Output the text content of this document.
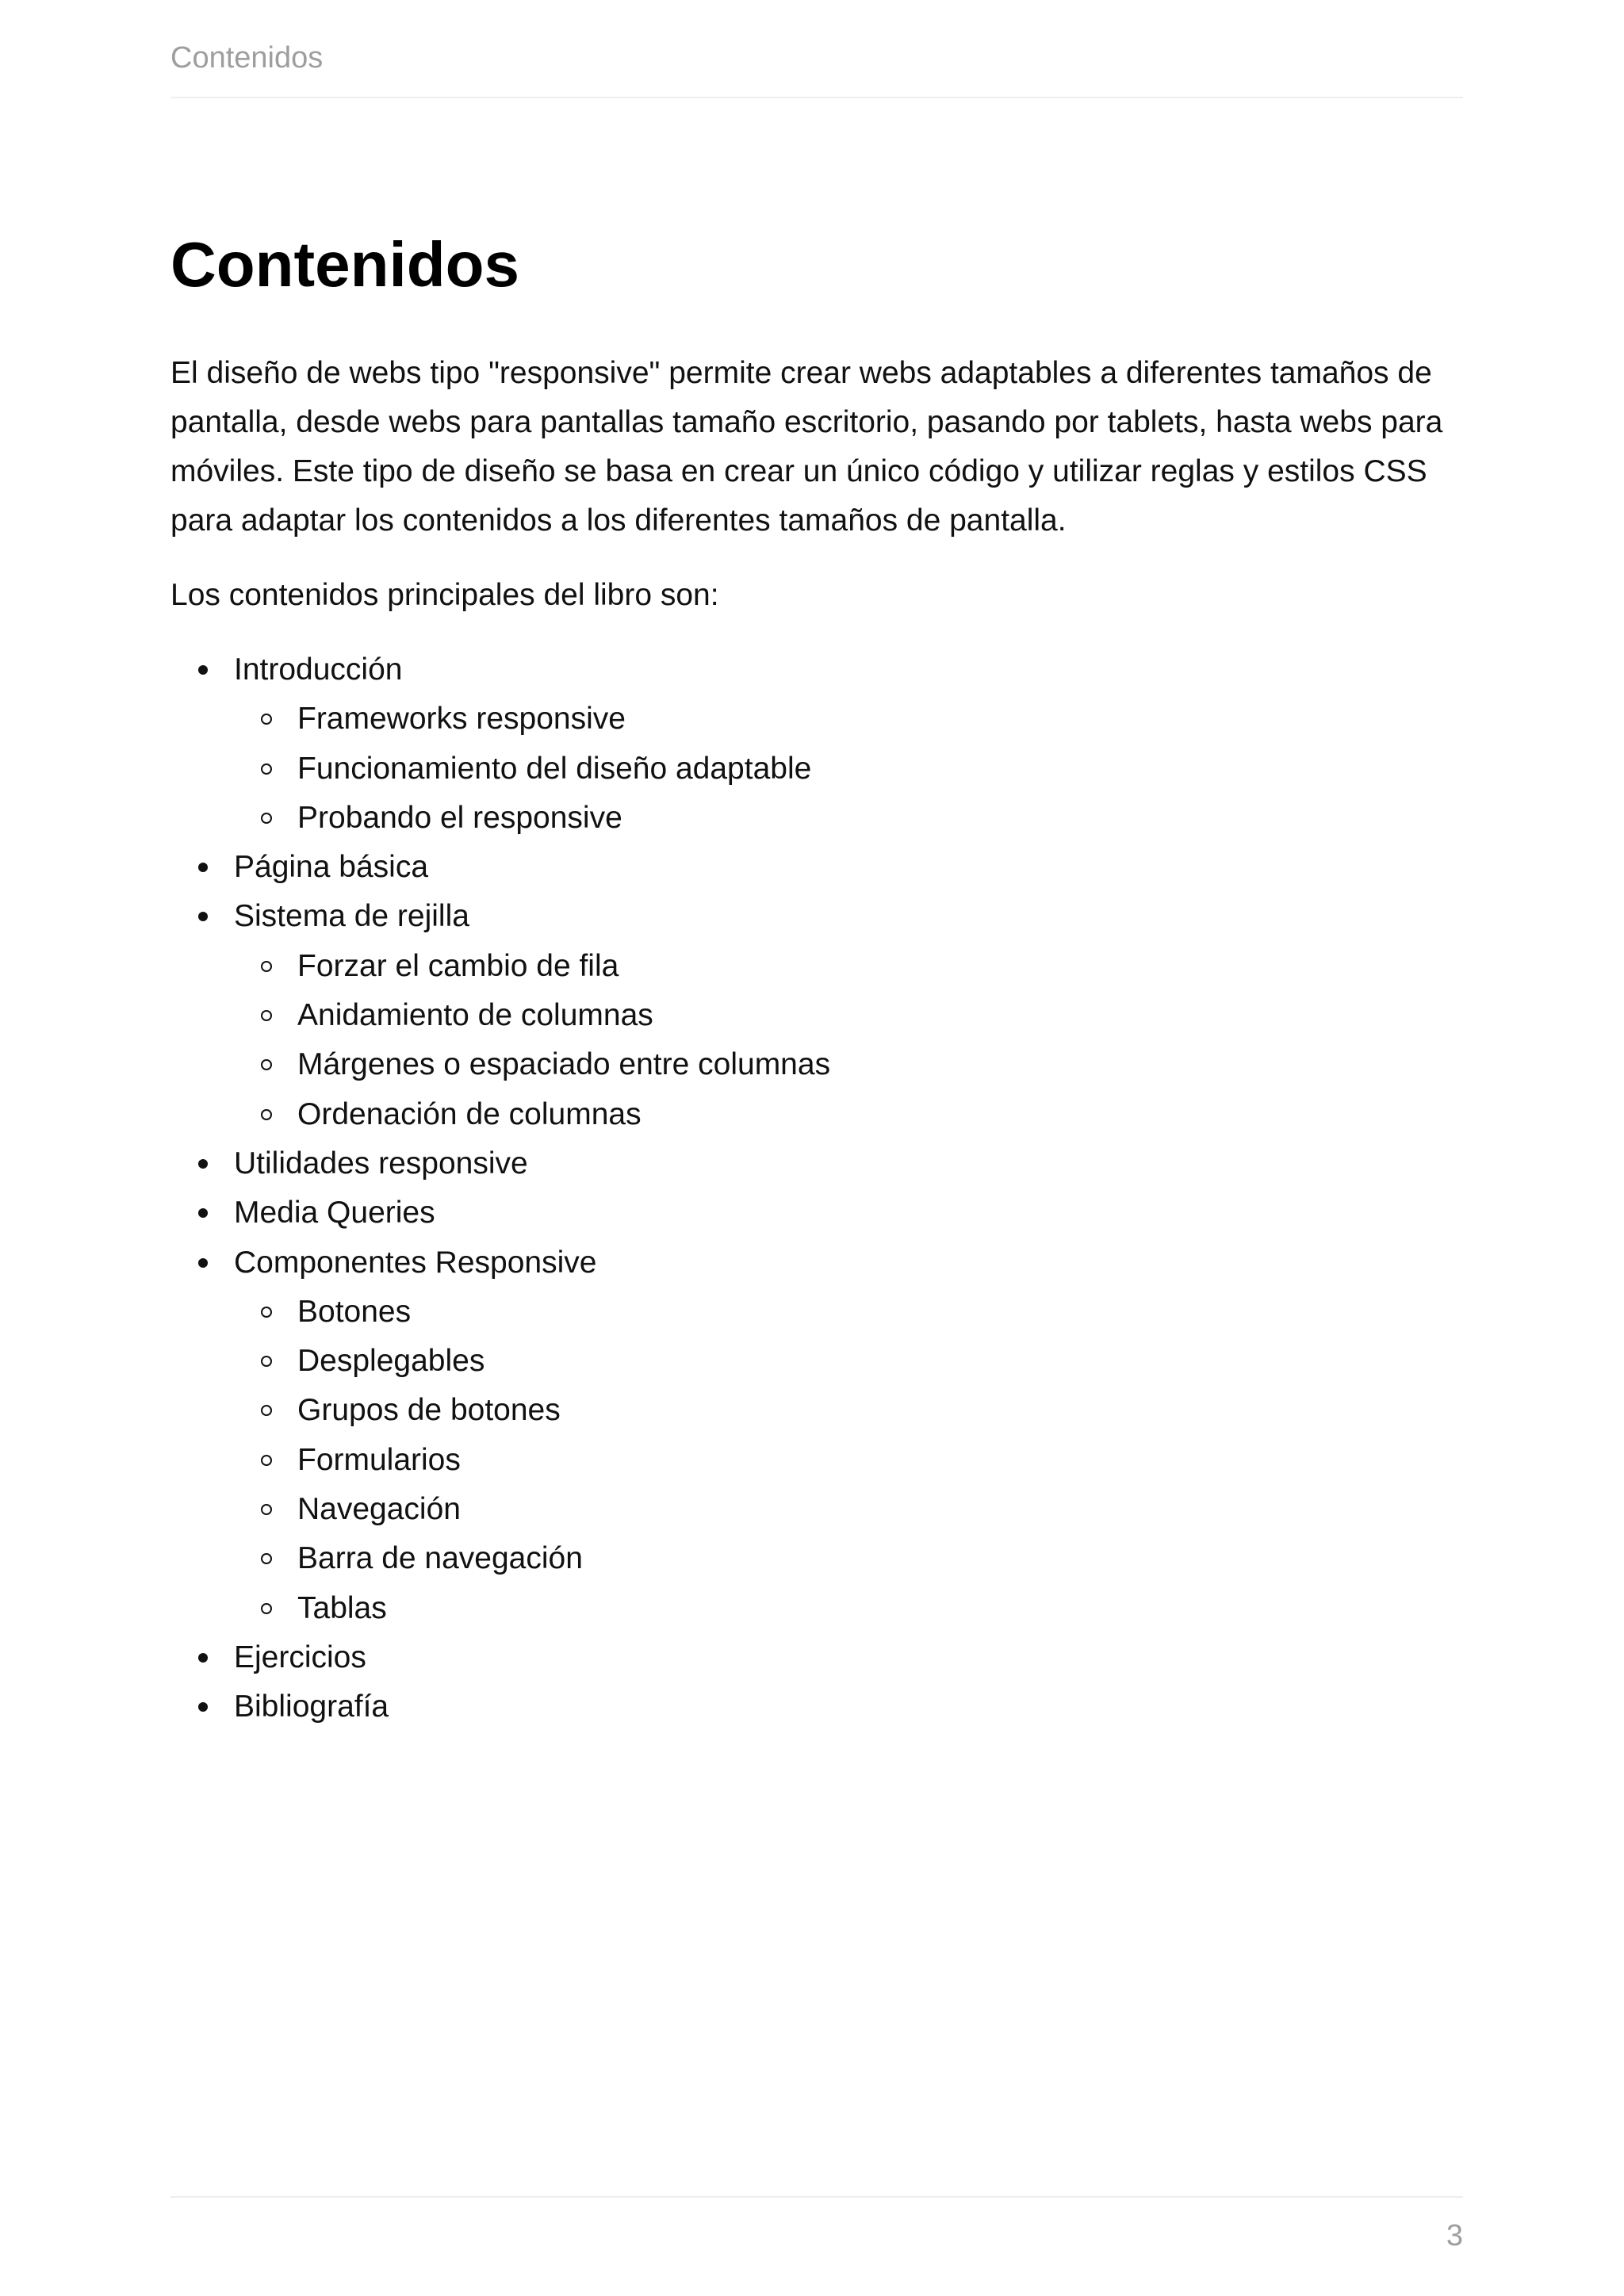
Contenidos
Contenidos

El diseño de webs tipo "responsive" permite crear webs adaptables a diferentes tamaños de pantalla, desde webs para pantallas tamaño escritorio, pasando por tablets, hasta webs para móviles. Este tipo de diseño se basa en crear un único código y utilizar reglas y estilos CSS para adaptar los contenidos a los diferentes tamaños de pantalla.

Los contenidos principales del libro son:

Introducción
Frameworks responsive
Funcionamiento del diseño adaptable
Probando el responsive
Página básica
Sistema de rejilla
Forzar el cambio de fila
Anidamiento de columnas
Márgenes o espaciado entre columnas
Ordenación de columnas
Utilidades responsive
Media Queries
Componentes Responsive
Botones
Desplegables
Grupos de botones
Formularios
Navegación
Barra de navegación
Tablas
Ejercicios
Bibliografía
3
